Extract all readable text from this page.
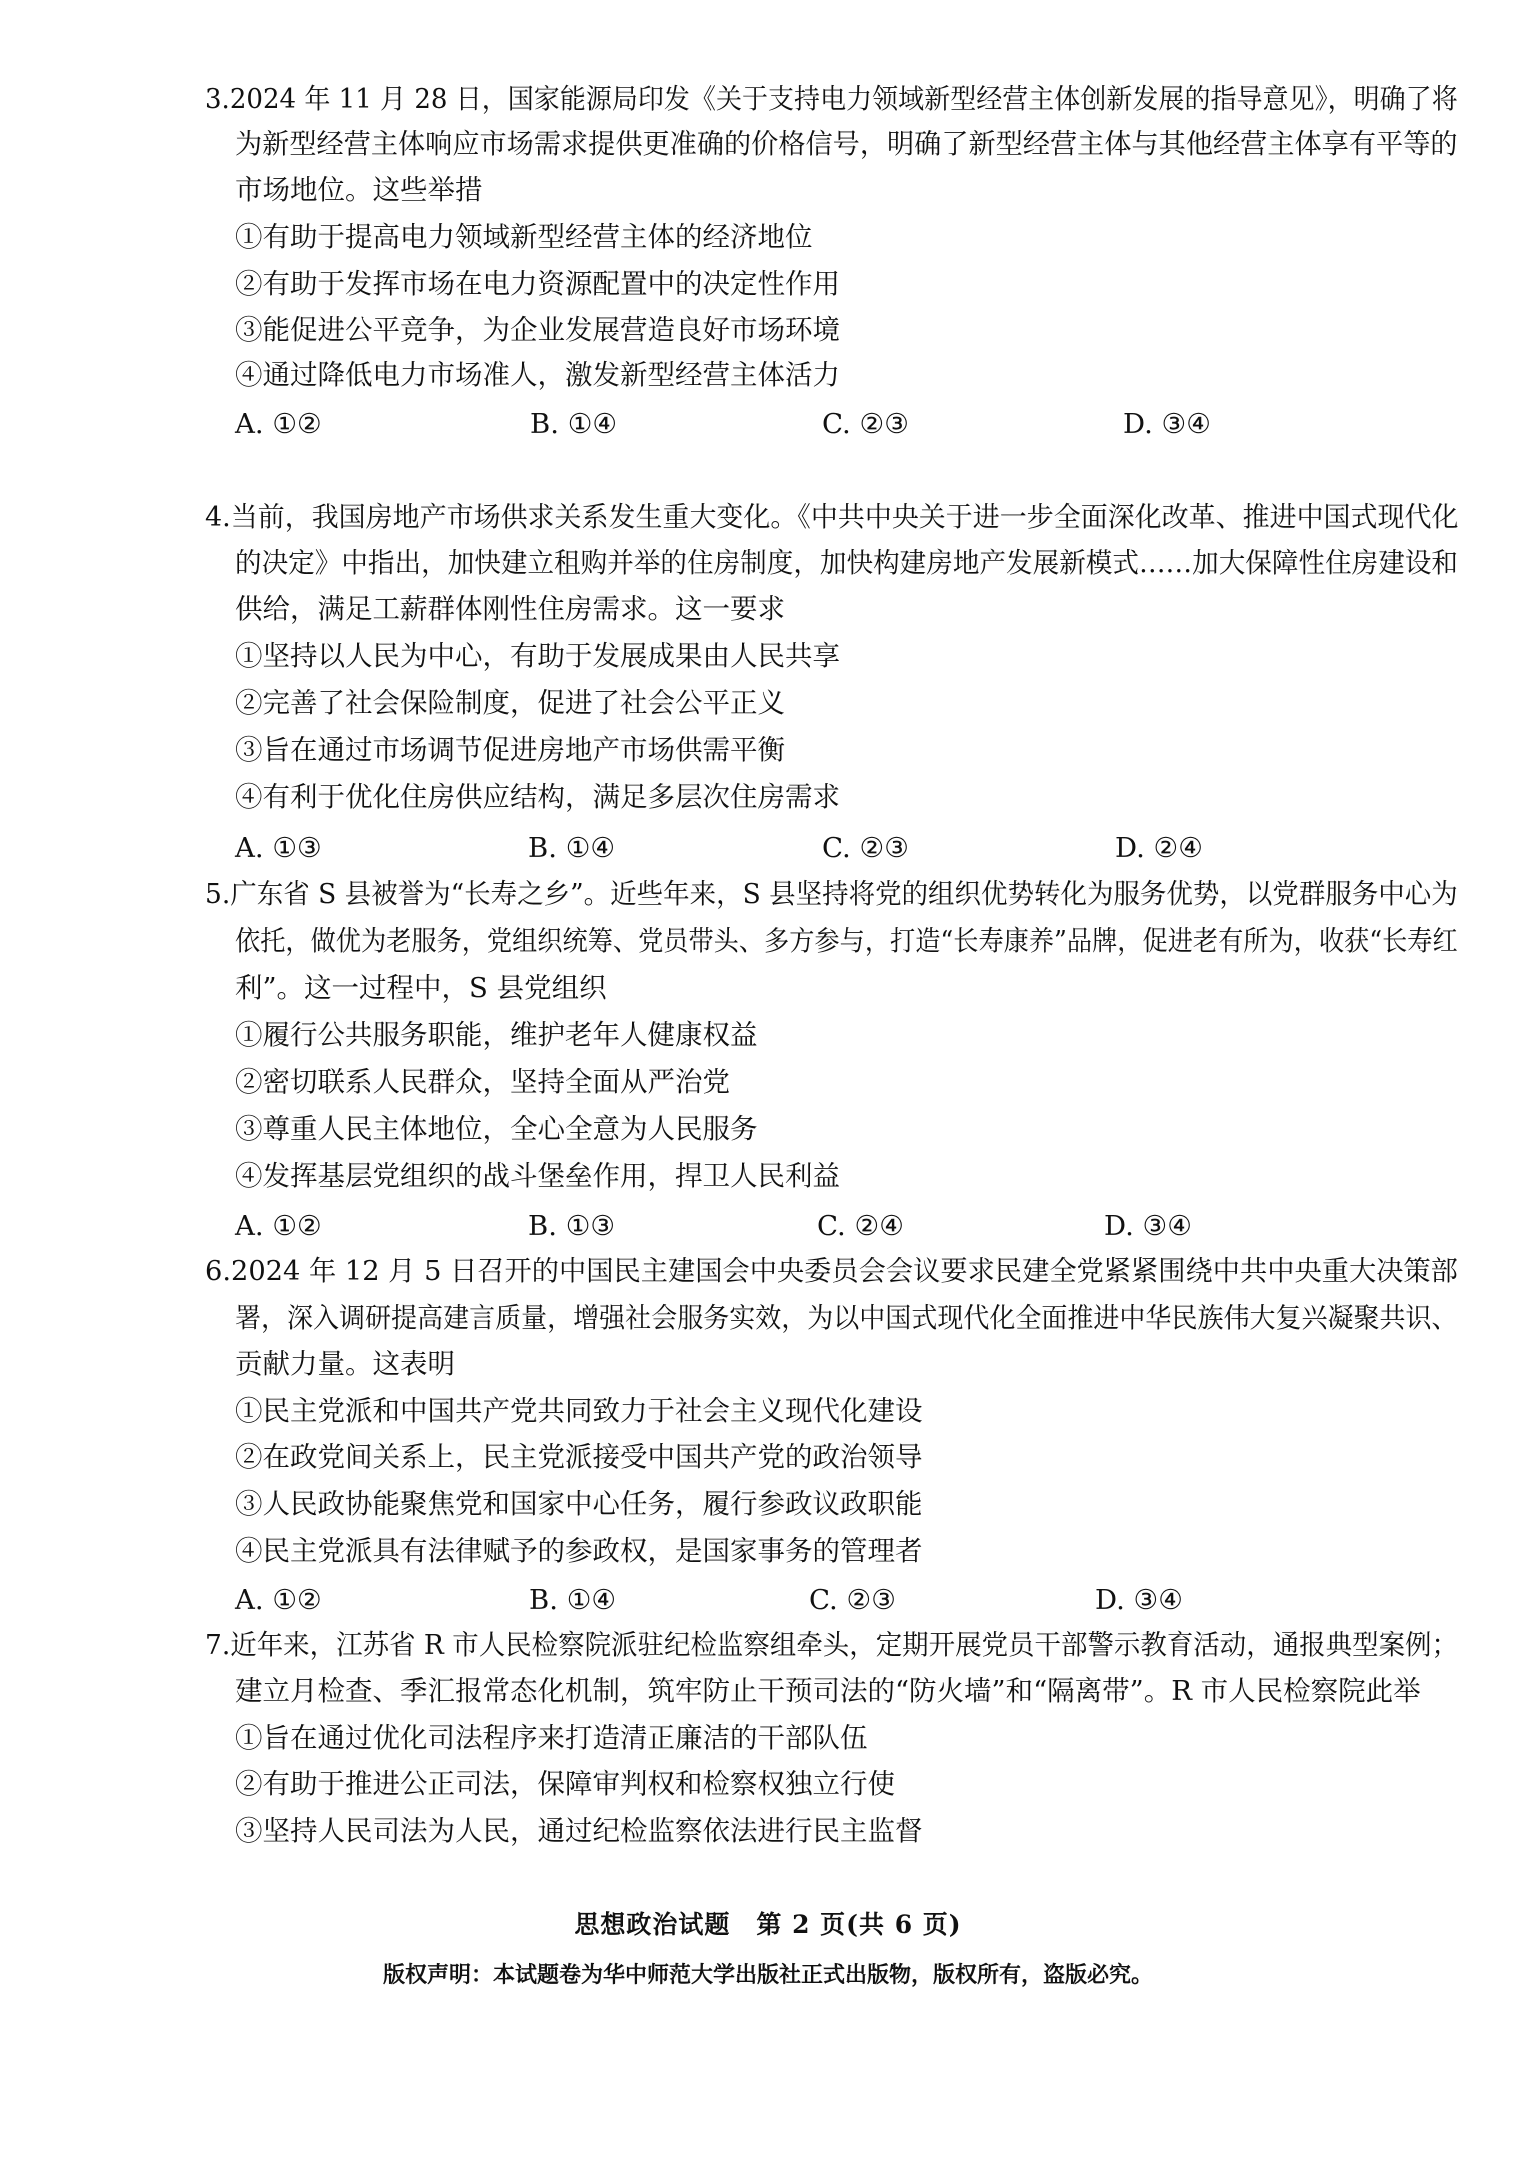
3.2024 年 11 月 28 日，国家能源局印发《关于支持电力领域新型经营主体创新发展的指导意见》，明确了将
为新型经营主体响应市场需求提供更准确的价格信号，明确了新型经营主体与其他经营主体享有平等的
市场地位。这些举措
①有助于提高电力领域新型经营主体的经济地位
②有助于发挥市场在电力资源配置中的决定性作用
③能促进公平竞争，为企业发展营造良好市场环境
④通过降低电力市场准人，激发新型经营主体活力
A. ①②	B. ①④	C. ②③	D. ③④
4.当前，我国房地产市场供求关系发生重大变化。《中共中央关于进一步全面深化改革、推进中国式现代化
的决定》中指出，加快建立租购并举的住房制度，加快构建房地产发展新模式……加大保障性住房建设和
供给，满足工薪群体刚性住房需求。这一要求
①坚持以人民为中心，有助于发展成果由人民共享
②完善了社会保险制度，促进了社会公平正义
③旨在通过市场调节促进房地产市场供需平衡
④有利于优化住房供应结构，满足多层次住房需求
A. ①③	B. ①④	C. ②③	D. ②④
5.广东省 S 县被誉为“长寿之乡”。近些年来，S 县坚持将党的组织优势转化为服务优势，以党群服务中心为
依托，做优为老服务，党组织统筹、党员带头、多方参与，打造“长寿康养”品牌，促进老有所为，收获“长寿红
利”。这一过程中，S 县党组织
①履行公共服务职能，维护老年人健康权益
②密切联系人民群众，坚持全面从严治党
③尊重人民主体地位，全心全意为人民服务
④发挥基层党组织的战斗堡垒作用，捍卫人民利益
A. ①②	B. ①③	C. ②④	D. ③④
6.2024 年 12 月 5 日召开的中国民主建国会中央委员会会议要求民建全党紧紧围绕中共中央重大决策部
署，深入调研提高建言质量，增强社会服务实效，为以中国式现代化全面推进中华民族伟大复兴凝聚共识、
贡献力量。这表明
①民主党派和中国共产党共同致力于社会主义现代化建设
②在政党间关系上，民主党派接受中国共产党的政治领导
③人民政协能聚焦党和国家中心任务，履行参政议政职能
④民主党派具有法律赋予的参政权，是国家事务的管理者
A. ①②	B. ①④	C. ②③	D. ③④
7.近年来，江苏省 R 市人民检察院派驻纪检监察组牵头，定期开展党员干部警示教育活动，通报典型案例；
建立月检查、季汇报常态化机制，筑牢防止干预司法的“防火墙”和“隔离带”。R 市人民检察院此举
①旨在通过优化司法程序来打造清正廉洁的干部队伍
②有助于推进公正司法，保障审判权和检察权独立行使
③坚持人民司法为人民，通过纪检监察依法进行民主监督
思想政治试题　第 2 页(共 6 页)
版权声明：本试题卷为华中师范大学出版社正式出版物，版权所有，盗版必究。
